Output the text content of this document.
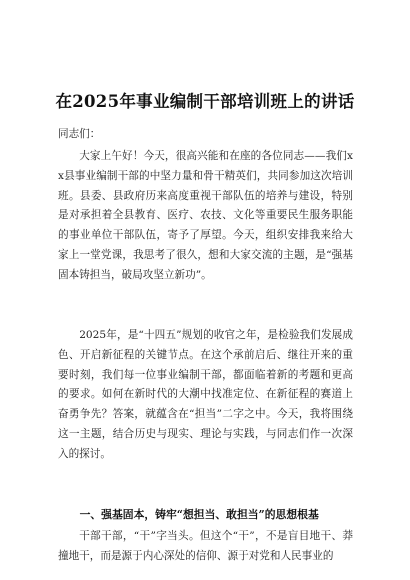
在2025年事业编制干部培训班上的讲话
同志们：

大家上午好！今天，很高兴能和在座的各位同志——我们xx县事业编制干部的中坚力量和骨干精英们，共同参加这次培训班。县委、县政府历来高度重视干部队伍的培养与建设，特别是对承担着全县教育、医疗、农技、文化等重要民生服务职能的事业单位干部队伍，寄予了厚望。今天，组织安排我来给大家上一堂党课，我思考了很久，想和大家交流的主题，是“强基固本铸担当，破局攻坚立新功”。

2025年，是“十四五”规划的收官之年，是检验我们发展成色、开启新征程的关键节点。在这个承前启后、继往开来的重要时刻，我们每一位事业编制干部，都面临着新的考题和更高的要求。如何在新时代的大潮中找准定位、在新征程的赛道上奋勇争先？答案，就蕴含在“担当”二字之中。今天，我将围绕这一主题，结合历史与现实、理论与实践，与同志们作一次深入的探讨。

一、强基固本，铸牢“想担当、敢担当”的思想根基

干部干部，“干”字当头。但这个“干”，不是盲目地干、莽撞地干，而是源于内心深处的信仰、源于对党和人民事业的
